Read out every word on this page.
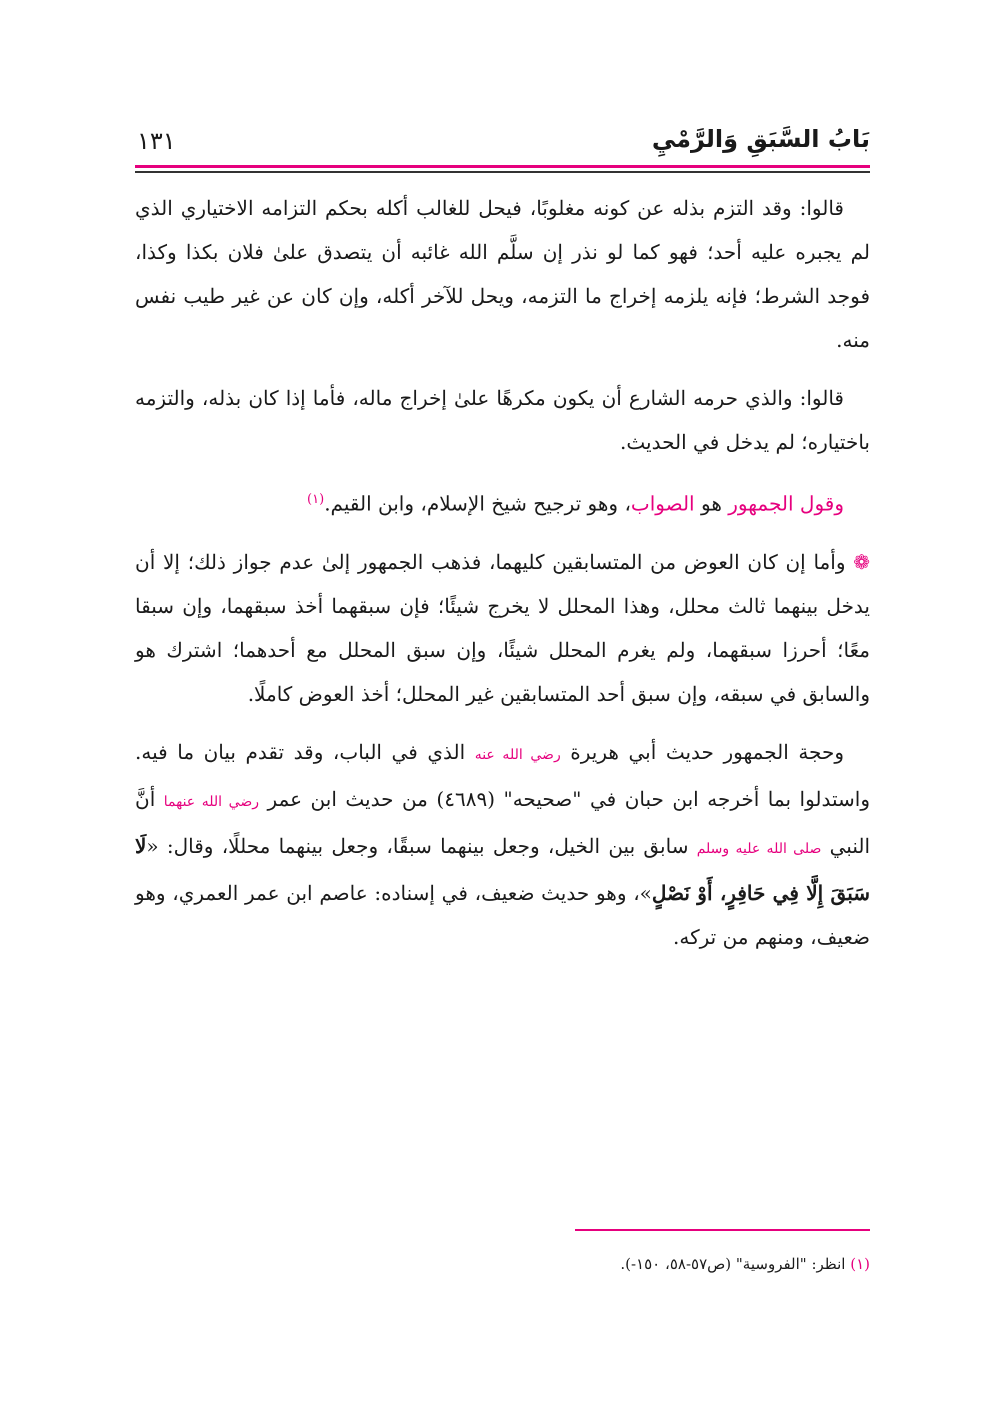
بَابُ السَّبَقِ وَالرَّمْيِ
١٣١

قالوا: وقد التزم بذله عن كونه مغلوبًا، فيحل للغالب أكله بحكم التزامه الاختياري الذي لم يجبره عليه أحد؛ فهو كما لو نذر إن سلَّم الله غائبه أن يتصدق علىٰ فلان بكذا وكذا، فوجد الشرط؛ فإنه يلزمه إخراج ما التزمه، ويحل للآخر أكله، وإن كان عن غير طيب نفس منه.

قالوا: والذي حرمه الشارع أن يكون مكرهًا علىٰ إخراج ماله، فأما إذا كان بذله، والتزمه باختياره؛ لم يدخل في الحديث.

وقول الجمهور هو الصواب، وهو ترجيح شيخ الإسلام، وابن القيم.$^{(١)}$

❁ وأما إن كان العوض من المتسابقين كليهما، فذهب الجمهور إلىٰ عدم جواز ذلك؛ إلا أن يدخل بينهما ثالث محلل، وهذا المحلل لا يخرج شيئًا؛ فإن سبقهما أخذ سبقهما، وإن سبقا معًا؛ أحرزا سبقهما، ولم يغرم المحلل شيئًا، وإن سبق المحلل مع أحدهما؛ اشترك هو والسابق في سبقه، وإن سبق أحد المتسابقين غير المحلل؛ أخذ العوض كاملًا.

وحجة الجمهور حديث أبي هريرة رضي الله عنه الذي في الباب، وقد تقدم بيان ما فيه. واستدلوا بما أخرجه ابن حبان في "صحيحه" (٤٦٨٩) من حديث ابن عمر رضي الله عنهما أنَّ النبي صلى الله عليه وسلم سابق بين الخيل، وجعل بينهما سبقًا، وجعل بينهما محللًا، وقال: «لَا سَبَقَ إِلَّا فِي حَافِرٍ، أَوْ نَصْلٍ»، وهو حديث ضعيف، في إسناده: عاصم ابن عمر العمري، وهو ضعيف، ومنهم من تركه.

(١) انظر: "الفروسية" (ص٥٧-٥٨، ١٥٠-).
